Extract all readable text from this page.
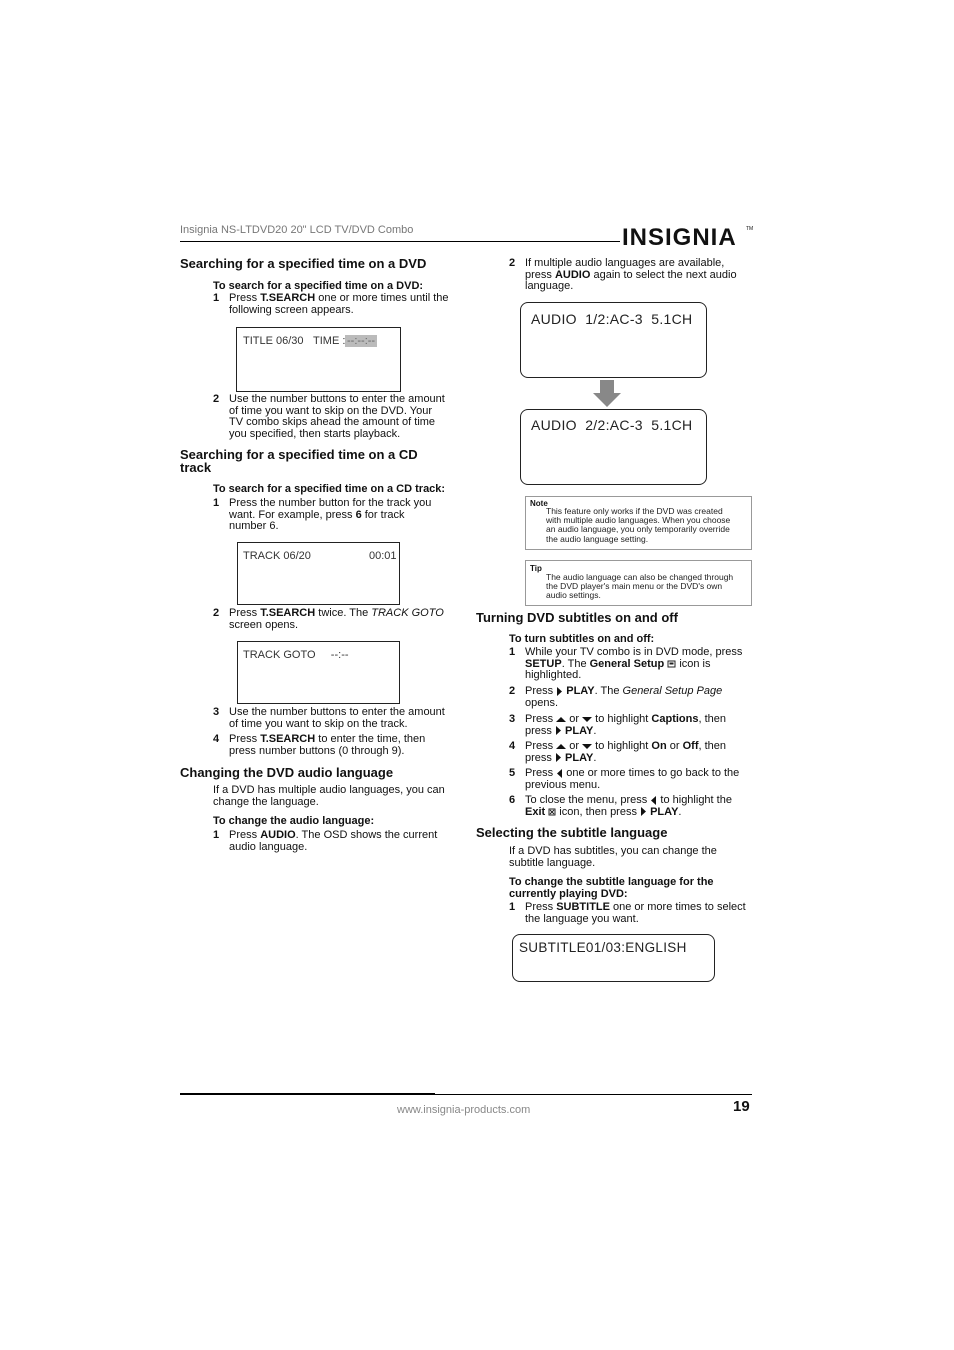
Insignia NS-LTDVD20 20" LCD TV/DVD Combo	INSIGNIA TM
Searching for a specified time on a DVD
To search for a specified time on a DVD:
1 Press T.SEARCH one or more times until the
following screen appears.
TITLE 06/30 TIME : --:--:--
2 Use the number buttons to enter the amount
of time you want to skip on the DVD. Your
TV combo skips ahead the amount of time
you specified, then starts playback.
Searching for a specified time on a CD
track
To search for a specified time on a CD track:
1 Press the number button for the track you
want. For example, press 6 for track
number 6.
TRACK 06/20	00:01
2 Press T.SEARCH twice. The TRACK GOTO
screen opens.
TRACK GOTO     --:--
3 Use the number buttons to enter the amount
of time you want to skip on the track.
4 Press T.SEARCH to enter the time, then
press number buttons (0 through 9).
Changing the DVD audio language
If a DVD has multiple audio languages, you can
change the language.
To change the audio language:
1 Press AUDIO. The OSD shows the current
audio language.
2 If multiple audio languages are available,
press AUDIO again to select the next audio
language.
AUDIO  1/2:AC-3  5.1CH
AUDIO  2/2:AC-3  5.1CH
Note
This feature only works if the DVD was created
with multiple audio languages. When you choose
an audio language, you only temporarily override
the audio language setting.
Tip
The audio language can also be changed through
the DVD player's main menu or the DVD's own
audio settings.
Turning DVD subtitles on and off
To turn subtitles on and off:
1 While your TV combo is in DVD mode, press
SETUP. The General Setup  icon is
highlighted.
2 Press  PLAY. The General Setup Page
opens.
3 Press  or  to highlight Captions, then
press  PLAY.
4 Press  or  to highlight On or Off, then
press  PLAY.
5 Press  one or more times to go back to the
previous menu.
6 To close the menu, press  to highlight the
Exit  icon, then press  PLAY.
Selecting the subtitle language
If a DVD has subtitles, you can change the
subtitle language.
To change the subtitle language for the
currently playing DVD:
1 Press SUBTITLE one or more times to select
the language you want.
SUBTITLE01/03:ENGLISH
www.insignia-products.com	19
